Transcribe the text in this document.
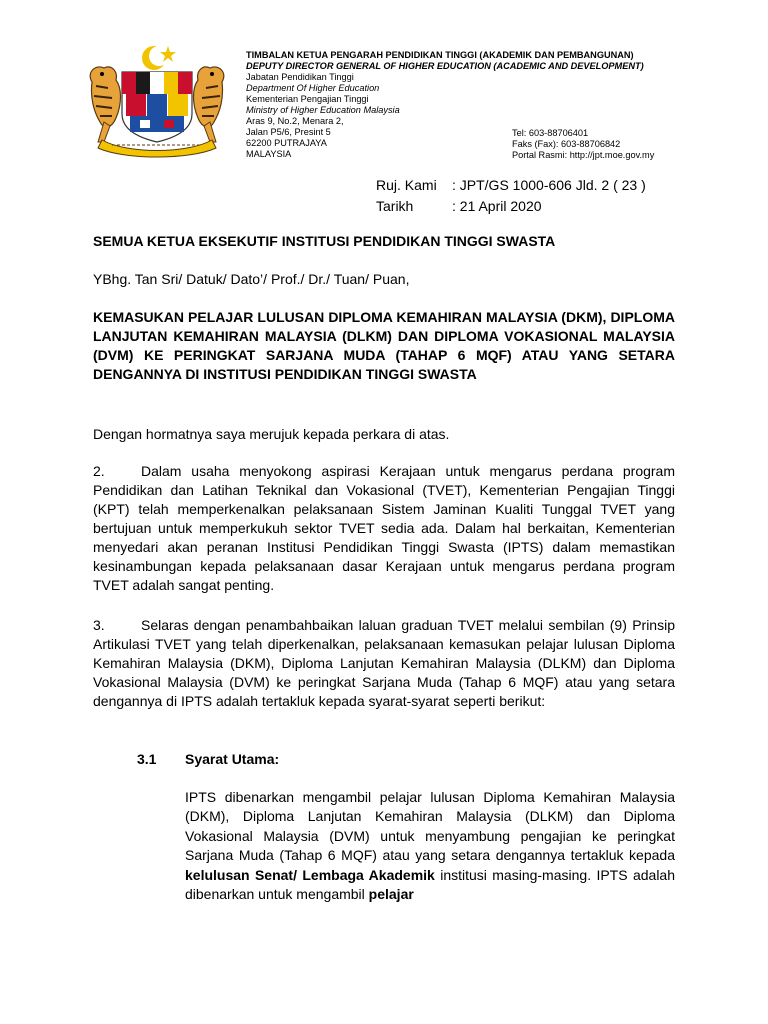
TIMBALAN KETUA PENGARAH PENDIDIKAN TINGGI (AKADEMIK DAN PEMBANGUNAN)
DEPUTY DIRECTOR GENERAL OF HIGHER EDUCATION (ACADEMIC AND DEVELOPMENT)
Jabatan Pendidikan Tinggi
Department Of Higher Education
Kementerian Pengajian Tinggi
Ministry of Higher Education Malaysia
Aras 9, No.2, Menara 2,
Jalan P5/6, Presint 5
62200 PUTRAJAYA
MALAYSIA
Tel: 603-88706401
Faks (Fax): 603-88706842
Portal Rasmi: http://jpt.moe.gov.my
Ruj. Kami	: JPT/GS 1000-606 Jld. 2 ( 23 )
Tarikh	: 21 April 2020
SEMUA KETUA EKSEKUTIF INSTITUSI PENDIDIKAN TINGGI SWASTA
YBhg. Tan Sri/ Datuk/ Dato’/ Prof./ Dr./ Tuan/ Puan,
KEMASUKAN PELAJAR LULUSAN DIPLOMA KEMAHIRAN MALAYSIA (DKM), DIPLOMA LANJUTAN KEMAHIRAN MALAYSIA (DLKM) DAN DIPLOMA VOKASIONAL MALAYSIA (DVM) KE PERINGKAT SARJANA MUDA (TAHAP 6 MQF) ATAU YANG SETARA DENGANNYA DI INSTITUSI PENDIDIKAN TINGGI SWASTA
Dengan hormatnya saya merujuk kepada perkara di atas.
2.	Dalam usaha menyokong aspirasi Kerajaan untuk mengarus perdana program Pendidikan dan Latihan Teknikal dan Vokasional (TVET), Kementerian Pengajian Tinggi (KPT) telah memperkenalkan pelaksanaan Sistem Jaminan Kualiti Tunggal TVET yang bertujuan untuk memperkukuh sektor TVET sedia ada. Dalam hal berkaitan, Kementerian menyedari akan peranan Institusi Pendidikan Tinggi Swasta (IPTS) dalam memastikan kesinambungan kepada pelaksanaan dasar Kerajaan untuk mengarus perdana program TVET adalah sangat penting.
3.	Selaras dengan penambahbaikan laluan graduan TVET melalui sembilan (9) Prinsip Artikulasi TVET yang telah diperkenalkan, pelaksanaan kemasukan pelajar lulusan Diploma Kemahiran Malaysia (DKM), Diploma Lanjutan Kemahiran Malaysia (DLKM) dan Diploma Vokasional Malaysia (DVM) ke peringkat Sarjana Muda (Tahap 6 MQF) atau yang setara dengannya di IPTS adalah tertakluk kepada syarat-syarat seperti berikut:
3.1 Syarat Utama:
IPTS dibenarkan mengambil pelajar lulusan Diploma Kemahiran Malaysia (DKM), Diploma Lanjutan Kemahiran Malaysia (DLKM) dan Diploma Vokasional Malaysia (DVM) untuk menyambung pengajian ke peringkat Sarjana Muda (Tahap 6 MQF) atau yang setara dengannya tertakluk kepada kelulusan Senat/ Lembaga Akademik institusi masing-masing. IPTS adalah dibenarkan untuk mengambil pelajar
